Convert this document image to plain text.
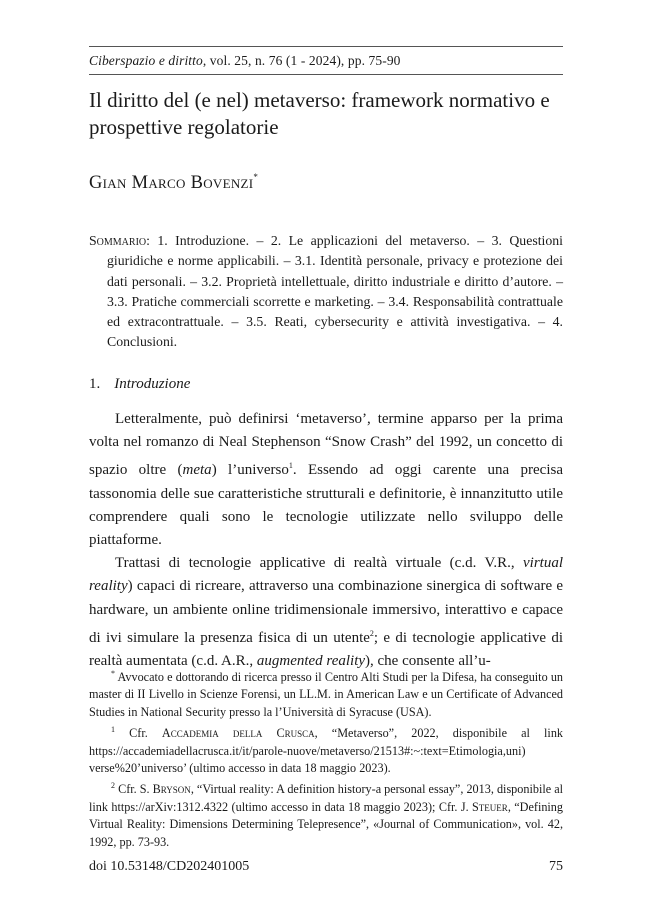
Ciberspazio e diritto, vol. 25, n. 76 (1 - 2024), pp. 75-90
Il diritto del (e nel) metaverso: framework normativo e prospettive regolatorie
Gian Marco Bovenzi*
Sommario: 1. Introduzione. – 2. Le applicazioni del metaverso. – 3. Questioni giuridiche e norme applicabili. – 3.1. Identità personale, privacy e protezione dei dati personali. – 3.2. Proprietà intellettuale, diritto industriale e diritto d’autore. – 3.3. Pratiche commerciali scorrette e marketing. – 3.4. Responsabilità contrattuale ed extracontrattuale. – 3.5. Reati, cybersecurity e attività investigativa. – 4. Conclusioni.
1. Introduzione

Letteralmente, può definirsi ‘metaverso’, termine apparso per la prima volta nel romanzo di Neal Stephenson “Snow Crash” del 1992, un concetto di spazio oltre (meta) l’universo$^1$. Essendo ad oggi carente una precisa tassonomia delle sue caratteristiche strutturali e definitorie, è innanzitutto utile comprendere quali sono le tecnologie utilizzate nello sviluppo delle piattaforme.

Trattasi di tecnologie applicative di realtà virtuale (c.d. V.R., virtual reality) capaci di ricreare, attraverso una combinazione sinergica di software e hardware, un ambiente online tridimensionale immersivo, interattivo e capace di ivi simulare la presenza fisica di un utente$^2$; e di tecnologie applicative di realtà aumentata (c.d. A.R., augmented reality), che consente all’u-

* Avvocato e dottorando di ricerca presso il Centro Alti Studi per la Difesa, ha conseguito un master di II Livello in Scienze Forensi, un LL.M. in American Law e un Certificate of Advanced Studies in National Security presso la l’Università di Syracuse (USA).

$^1$ Cfr. Accademia della Crusca, “Metaverso”, 2022, disponibile al link https://accademiadellacrusca.it/it/parole-nuove/metaverso/21513#:~:text=Etimologia,uni) verse%20’universo’ (ultimo accesso in data 18 maggio 2023).

$^2$ Cfr. S. Bryson, “Virtual reality: A definition history-a personal essay”, 2013, disponibile al link https://arXiv:1312.4322 (ultimo accesso in data 18 maggio 2023); Cfr. J. Steuer, “Defining Virtual Reality: Dimensions Determining Telepresence”, «Journal of Communication», vol. 42, 1992, pp. 73-93.

doi 10.53148/CD202401005	75
